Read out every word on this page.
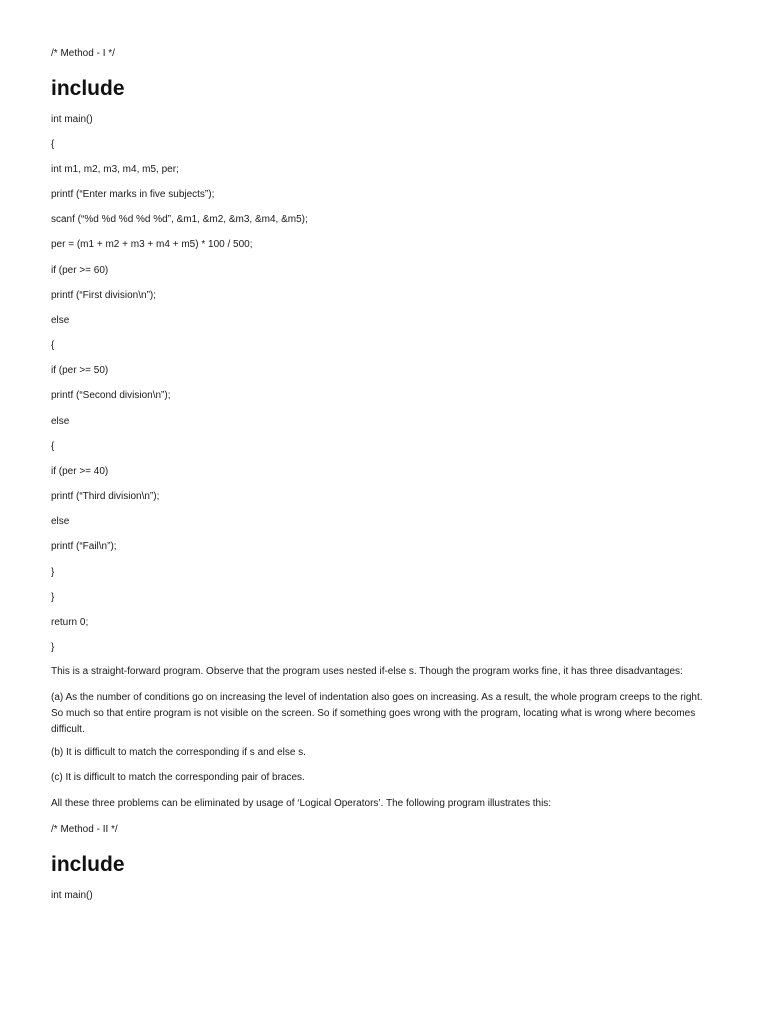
/* Method - I */
include
int main()
{
int m1, m2, m3, m4, m5, per;
printf (“Enter marks in five subjects”);
scanf (“%d %d %d %d %d”, &m1, &m2, &m3, &m4, &m5);
per = (m1 + m2 + m3 + m4 + m5) * 100 / 500;
if (per >= 60)
printf (“First division\n”);
else
{
if (per >= 50)
printf (“Second division\n”);
else
{
if (per >= 40)
printf (“Third division\n”);
else
printf (“Fail\n”);
}
}
return 0;
}
This is a straight-forward program. Observe that the program uses nested if-else s. Though the program works fine, it has three disadvantages:
(a) As the number of conditions go on increasing the level of indentation also goes on increasing. As a result, the whole program creeps to the right. So much so that entire program is not visible on the screen. So if something goes wrong with the program, locating what is wrong where becomes difficult.
(b) It is difficult to match the corresponding if s and else s.
(c) It is difficult to match the corresponding pair of braces.
All these three problems can be eliminated by usage of ‘Logical Operators’. The following program illustrates this:
/* Method - II */
include
int main()
